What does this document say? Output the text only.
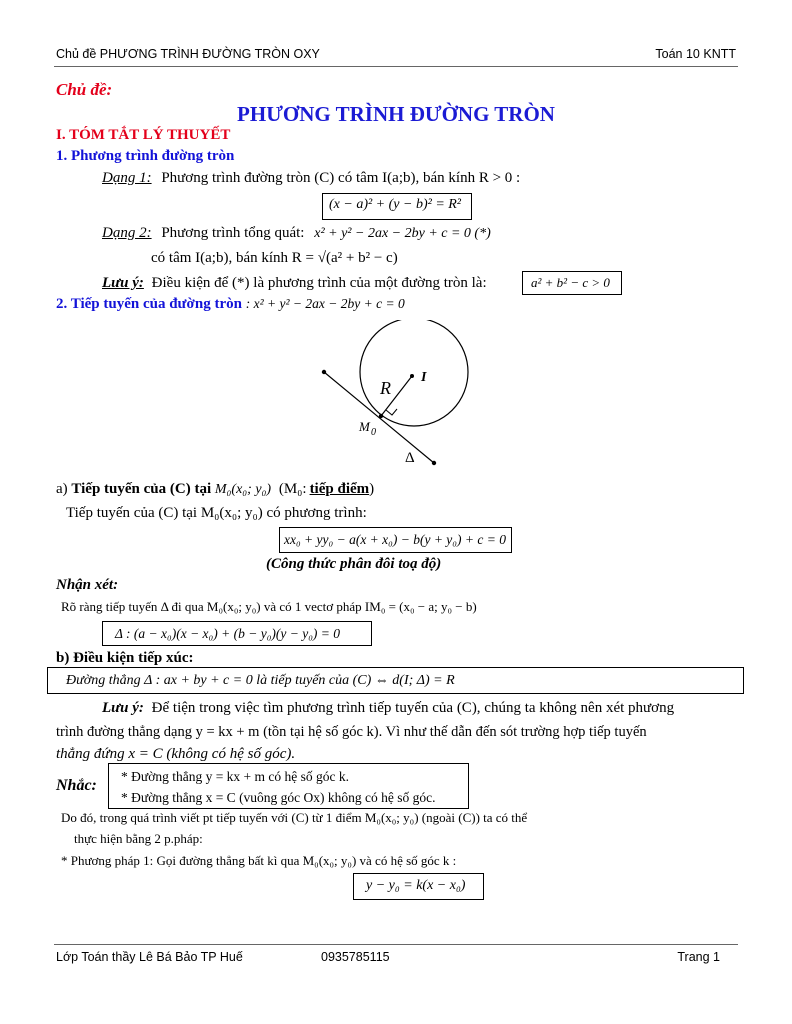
Chủ đề PHƯƠNG TRÌNH ĐƯỜNG TRÒN OXY	Toán 10 KNTT
Chủ đề:
PHƯƠNG TRÌNH ĐƯỜNG TRÒN
I. TÓM TẮT LÝ THUYẾT
1. Phương trình đường tròn
Dạng 1: Phương trình đường tròn (C) có tâm I(a;b), bán kính R > 0 :
(x − a)² + (y − b)² = R²
Dạng 2: Phương trình tổng quát: x² + y² − 2ax − 2by + c = 0 (*)
có tâm I(a;b), bán kính R = √(a² + b² − c)
Lưu ý: Điều kiện để (*) là phương trình của một đường tròn là:	a² + b² − c > 0
2. Tiếp tuyến của đường tròn : x² + y² − 2ax − 2by + c = 0
R
I
M 0
Δ
a) Tiếp tuyến của (C) tại M₀(x₀; y₀) (M₀: tiếp điểm)
Tiếp tuyến của (C) tại M₀(x₀; y₀) có phương trình:
xx₀ + yy₀ − a(x + x₀) − b(y + y₀) + c = 0
(Công thức phân đôi toạ độ)
Nhận xét:
Rõ ràng tiếp tuyến Δ đi qua M₀(x₀; y₀) và có 1 vectơ pháp IM₀ = (x₀ − a; y₀ − b)
Δ : (a − x₀)(x − x₀) + (b − y₀)(y − y₀) = 0
b) Điều kiện tiếp xúc:
Đường thẳng Δ : ax + by + c = 0 là tiếp tuyến của (C) ⇔ d(I; Δ) = R
Lưu ý: Để tiện trong việc tìm phương trình tiếp tuyến của (C), chúng ta không nên xét phương
trình đường thẳng dạng y = kx + m (tồn tại hệ số góc k). Vì như thế dẫn đến sót trường hợp tiếp tuyến
thẳng đứng x = C (không có hệ số góc).
Nhắc:
* Đường thẳng y = kx + m có hệ số góc k.
* Đường thẳng x = C (vuông góc Ox) không có hệ số góc.
Do đó, trong quá trình viết pt tiếp tuyến với (C) từ 1 điểm M₀(x₀; y₀) (ngoài (C)) ta có thể
thực hiện bằng 2 p.pháp:
* Phương pháp 1: Gọi đường thẳng bất kì qua M₀(x₀; y₀) và có hệ số góc k :
y − y₀ = k(x − x₀)
Lớp Toán thầy Lê Bá Bảo TP Huế	0935785115	Trang 1
